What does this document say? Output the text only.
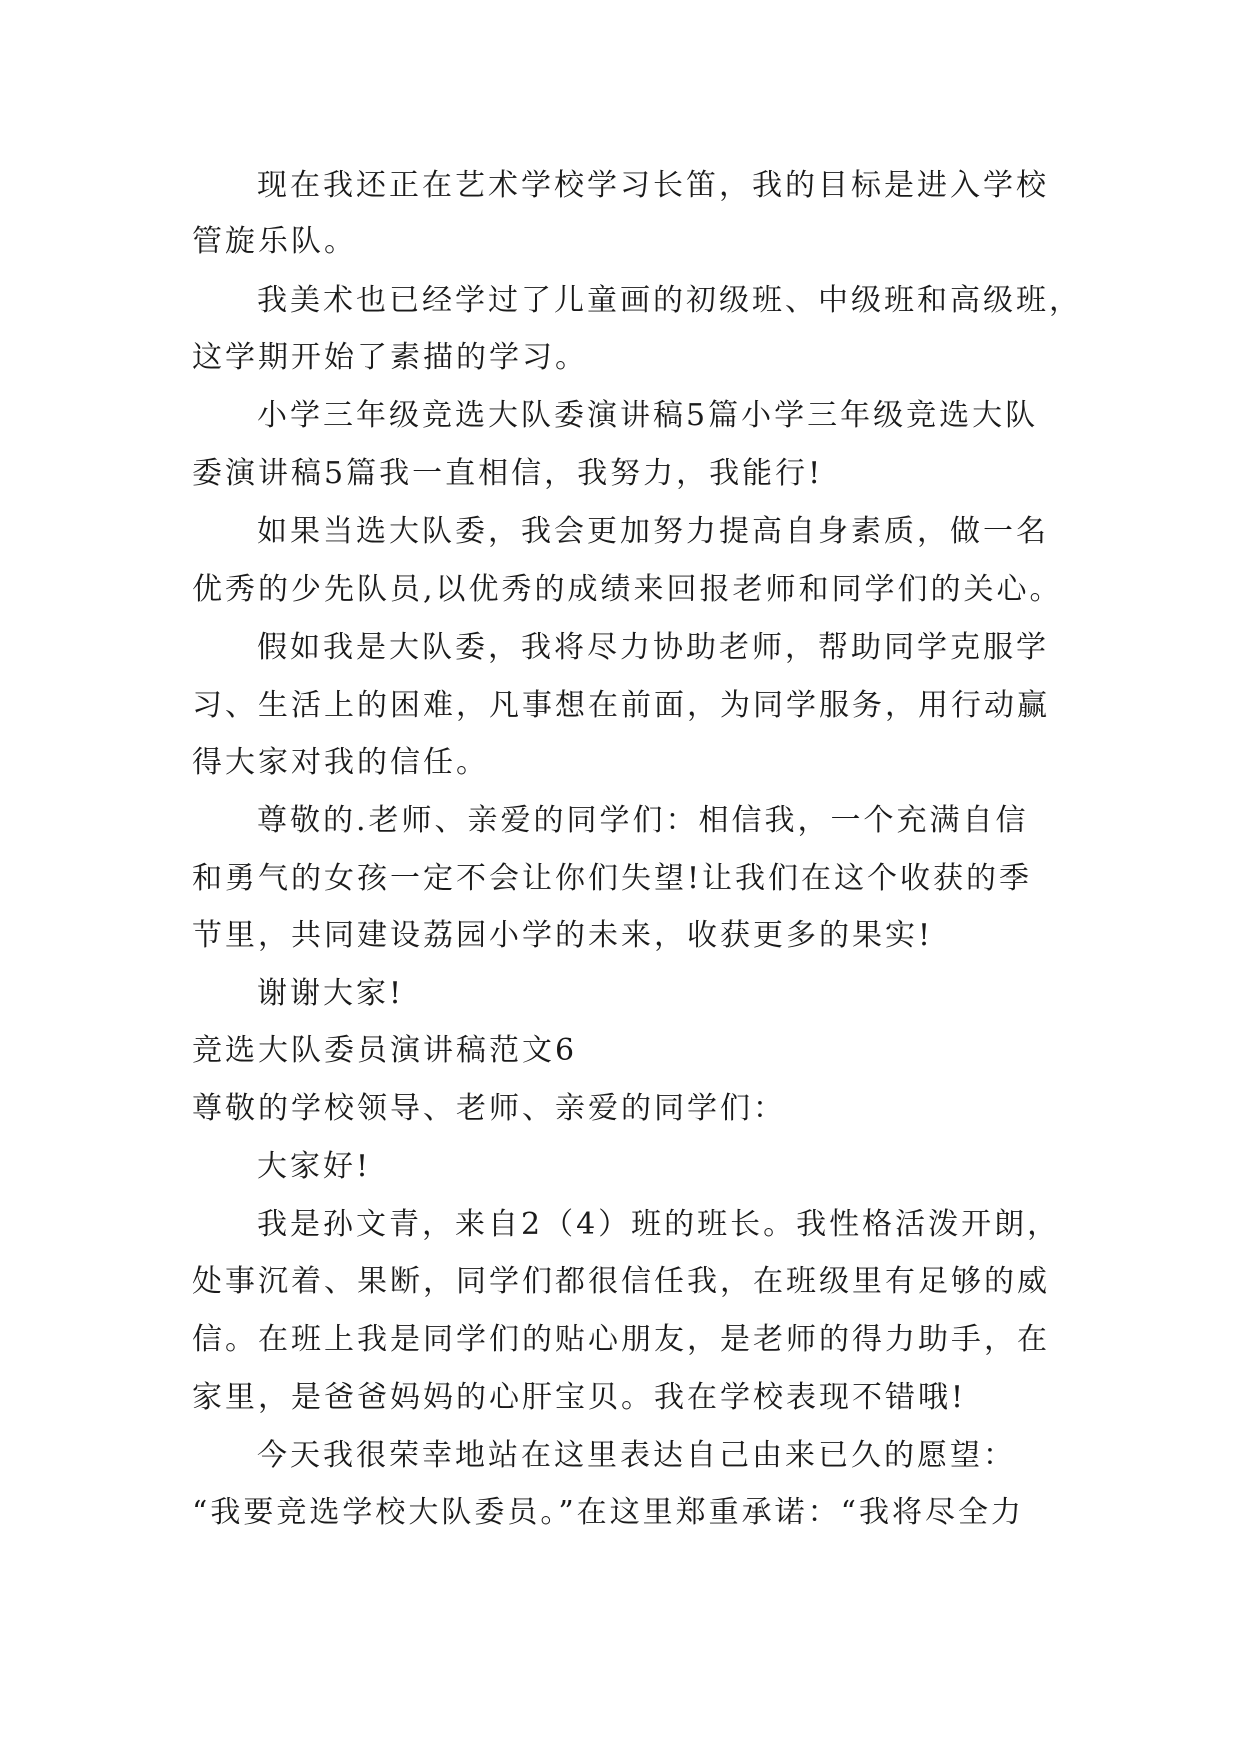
现在我还正在艺术学校学习长笛，我的目标是进入学校
管旋乐队。
我美术也已经学过了儿童画的初级班、中级班和高级班，
这学期开始了素描的学习。
小学三年级竞选大队委演讲稿5篇小学三年级竞选大队
委演讲稿5篇我一直相信，我努力，我能行!
如果当选大队委，我会更加努力提高自身素质，做一名
优秀的少先队员,以优秀的成绩来回报老师和同学们的关心。
假如我是大队委，我将尽力协助老师，帮助同学克服学
习、生活上的困难，凡事想在前面，为同学服务，用行动赢
得大家对我的信任。
尊敬的.老师、亲爱的同学们：相信我，一个充满自信
和勇气的女孩一定不会让你们失望!让我们在这个收获的季
节里，共同建设荔园小学的未来，收获更多的果实!
谢谢大家!
竞选大队委员演讲稿范文6
尊敬的学校领导、老师、亲爱的同学们：
大家好!
我是孙文青，来自2（4）班的班长。我性格活泼开朗，
处事沉着、果断，同学们都很信任我，在班级里有足够的威
信。在班上我是同学们的贴心朋友，是老师的得力助手，在
家里，是爸爸妈妈的心肝宝贝。我在学校表现不错哦!
今天我很荣幸地站在这里表达自己由来已久的愿望：
“我要竞选学校大队委员。”在这里郑重承诺：“我将尽全力
